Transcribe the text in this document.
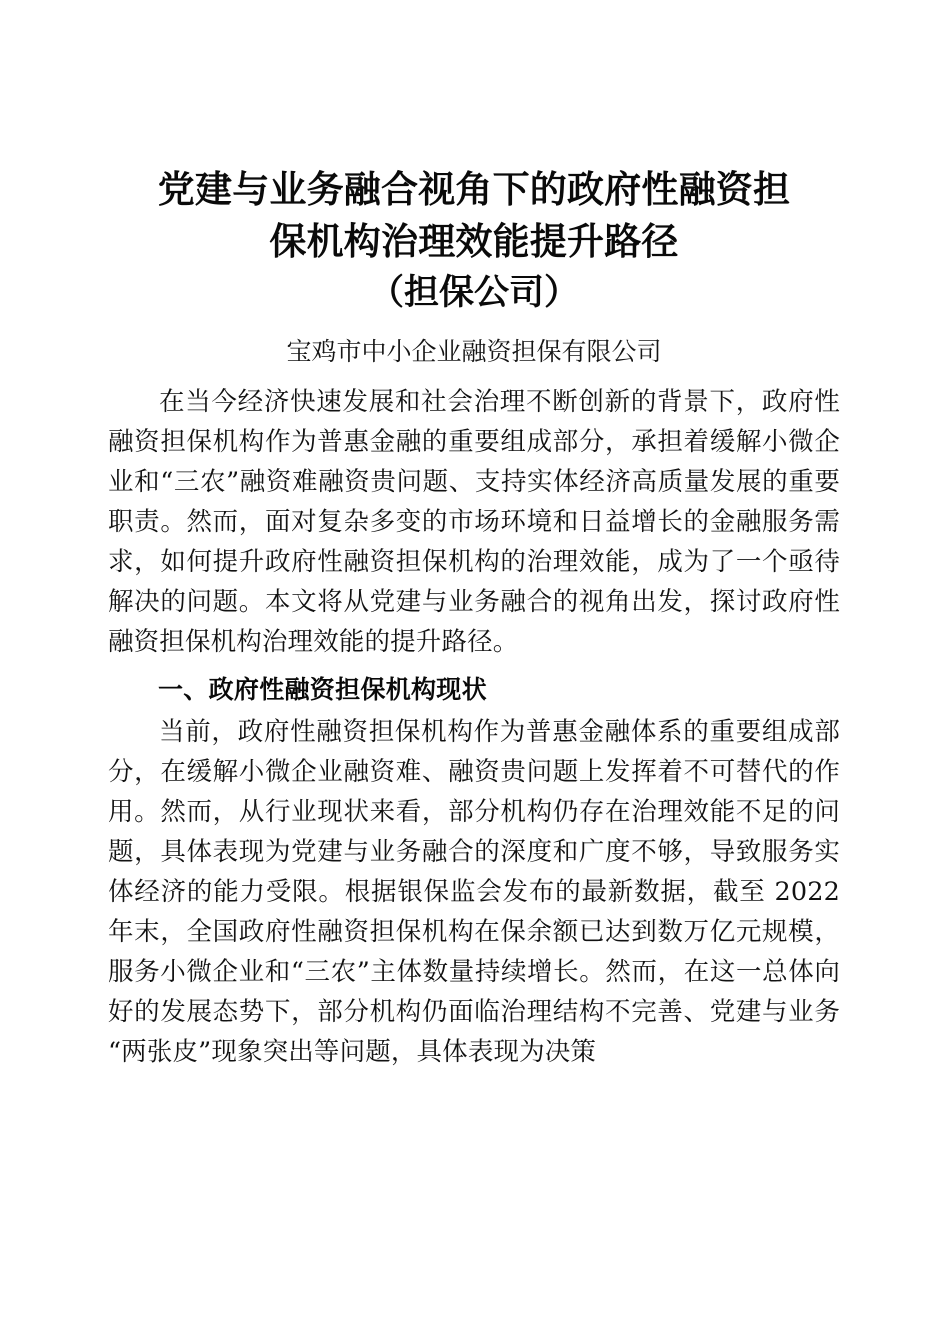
党建与业务融合视角下的政府性融资担
保机构治理效能提升路径
（担保公司）

宝鸡市中小企业融资担保有限公司

在当今经济快速发展和社会治理不断创新的背景下，政府性融资担保机构作为普惠金融的重要组成部分，承担着缓解小微企业和“三农”融资难融资贵问题、支持实体经济高质量发展的重要职责。然而，面对复杂多变的市场环境和日益增长的金融服务需求，如何提升政府性融资担保机构的治理效能，成为了一个亟待解决的问题。本文将从党建与业务融合的视角出发，探讨政府性融资担保机构治理效能的提升路径。

一、政府性融资担保机构现状

当前，政府性融资担保机构作为普惠金融体系的重要组成部分，在缓解小微企业融资难、融资贵问题上发挥着不可替代的作用。然而，从行业现状来看，部分机构仍存在治理效能不足的问题，具体表现为党建与业务融合的深度和广度不够，导致服务实体经济的能力受限。根据银保监会发布的最新数据，截至 2022 年末，全国政府性融资担保机构在保余额已达到数万亿元规模，服务小微企业和“三农”主体数量持续增长。然而，在这一总体向好的发展态势下，部分机构仍面临治理结构不完善、党建与业务“两张皮”现象突出等问题，具体表现为决策
